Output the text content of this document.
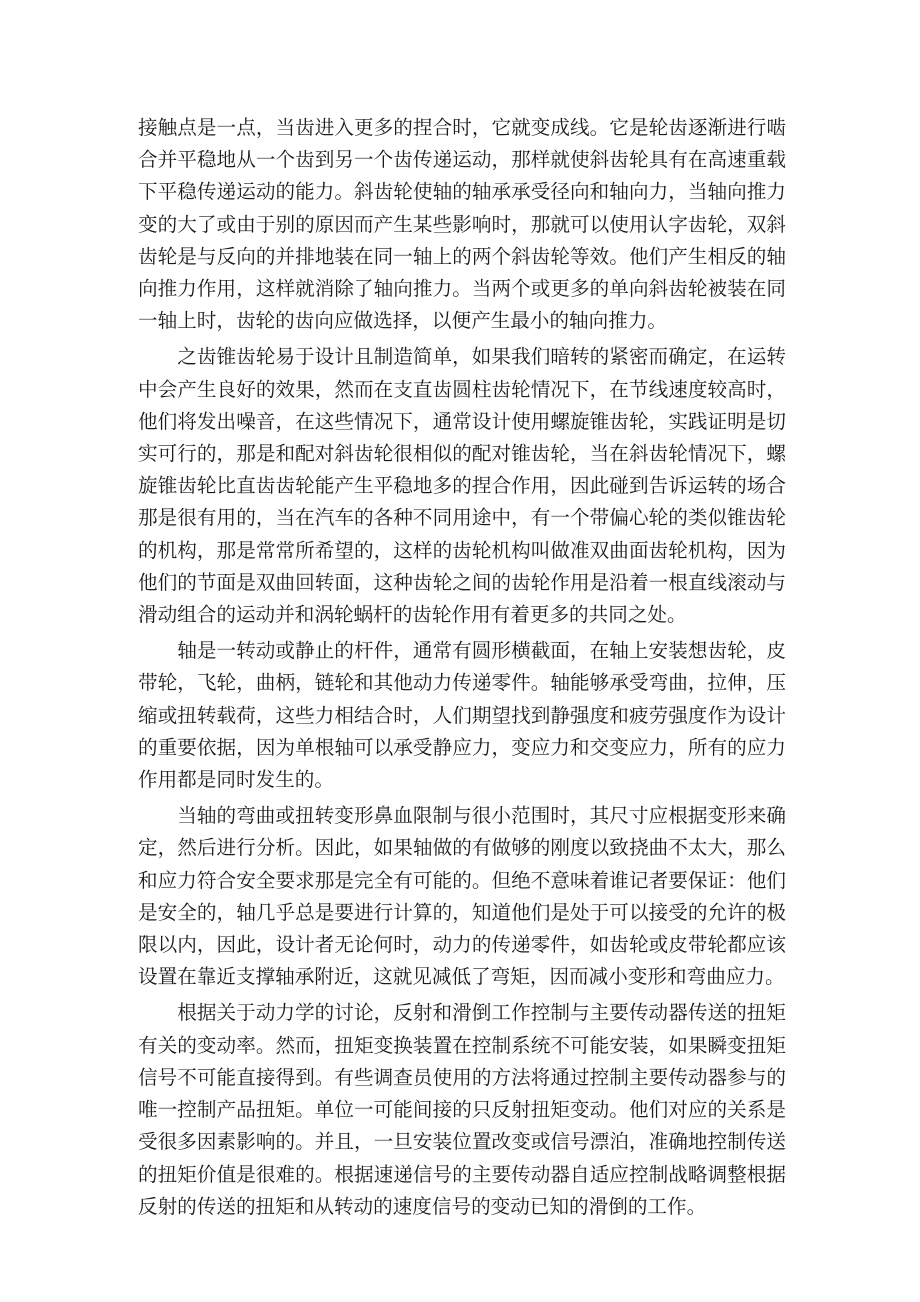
接触点是一点，当齿进入更多的捏合时，它就变成线。它是轮齿逐渐进行啮合并平稳地从一个齿到另一个齿传递运动，那样就使斜齿轮具有在高速重载下平稳传递运动的能力。斜齿轮使轴的轴承承受径向和轴向力，当轴向推力变的大了或由于别的原因而产生某些影响时，那就可以使用认字齿轮，双斜齿轮是与反向的并排地装在同一轴上的两个斜齿轮等效。他们产生相反的轴向推力作用，这样就消除了轴向推力。当两个或更多的单向斜齿轮被装在同一轴上时，齿轮的齿向应做选择，以便产生最小的轴向推力。

之齿锥齿轮易于设计且制造简单，如果我们暗转的紧密而确定，在运转中会产生良好的效果，然而在支直齿圆柱齿轮情况下，在节线速度较高时，他们将发出噪音，在这些情况下，通常设计使用螺旋锥齿轮，实践证明是切实可行的，那是和配对斜齿轮很相似的配对锥齿轮，当在斜齿轮情况下，螺旋锥齿轮比直齿齿轮能产生平稳地多的捏合作用，因此碰到告诉运转的场合那是很有用的，当在汽车的各种不同用途中，有一个带偏心轮的类似锥齿轮的机构，那是常常所希望的，这样的齿轮机构叫做准双曲面齿轮机构，因为他们的节面是双曲回转面，这种齿轮之间的齿轮作用是沿着一根直线滚动与滑动组合的运动并和涡轮蜗杆的齿轮作用有着更多的共同之处。

轴是一转动或静止的杆件，通常有圆形横截面，在轴上安装想齿轮，皮带轮，飞轮，曲柄，链轮和其他动力传递零件。轴能够承受弯曲，拉伸，压缩或扭转载荷，这些力相结合时，人们期望找到静强度和疲劳强度作为设计的重要依据，因为单根轴可以承受静应力，变应力和交变应力，所有的应力作用都是同时发生的。

当轴的弯曲或扭转变形鼻血限制与很小范围时，其尺寸应根据变形来确定，然后进行分析。因此，如果轴做的有做够的刚度以致挠曲不太大，那么和应力符合安全要求那是完全有可能的。但绝不意味着谁记者要保证：他们是安全的，轴几乎总是要进行计算的，知道他们是处于可以接受的允许的极限以内，因此，设计者无论何时，动力的传递零件，如齿轮或皮带轮都应该设置在靠近支撑轴承附近，这就见减低了弯矩，因而减小变形和弯曲应力。

根据关于动力学的讨论，反射和滑倒工作控制与主要传动器传送的扭矩有关的变动率。然而，扭矩变换装置在控制系统不可能安装，如果瞬变扭矩信号不可能直接得到。有些调查员使用的方法将通过控制主要传动器参与的唯一控制产品扭矩。单位一可能间接的只反射扭矩变动。他们对应的关系是受很多因素影响的。并且，一旦安装位置改变或信号漂泊，准确地控制传送的扭矩价值是很难的。根据速递信号的主要传动器自适应控制战略调整根据反射的传送的扭矩和从转动的速度信号的变动已知的滑倒的工作。
